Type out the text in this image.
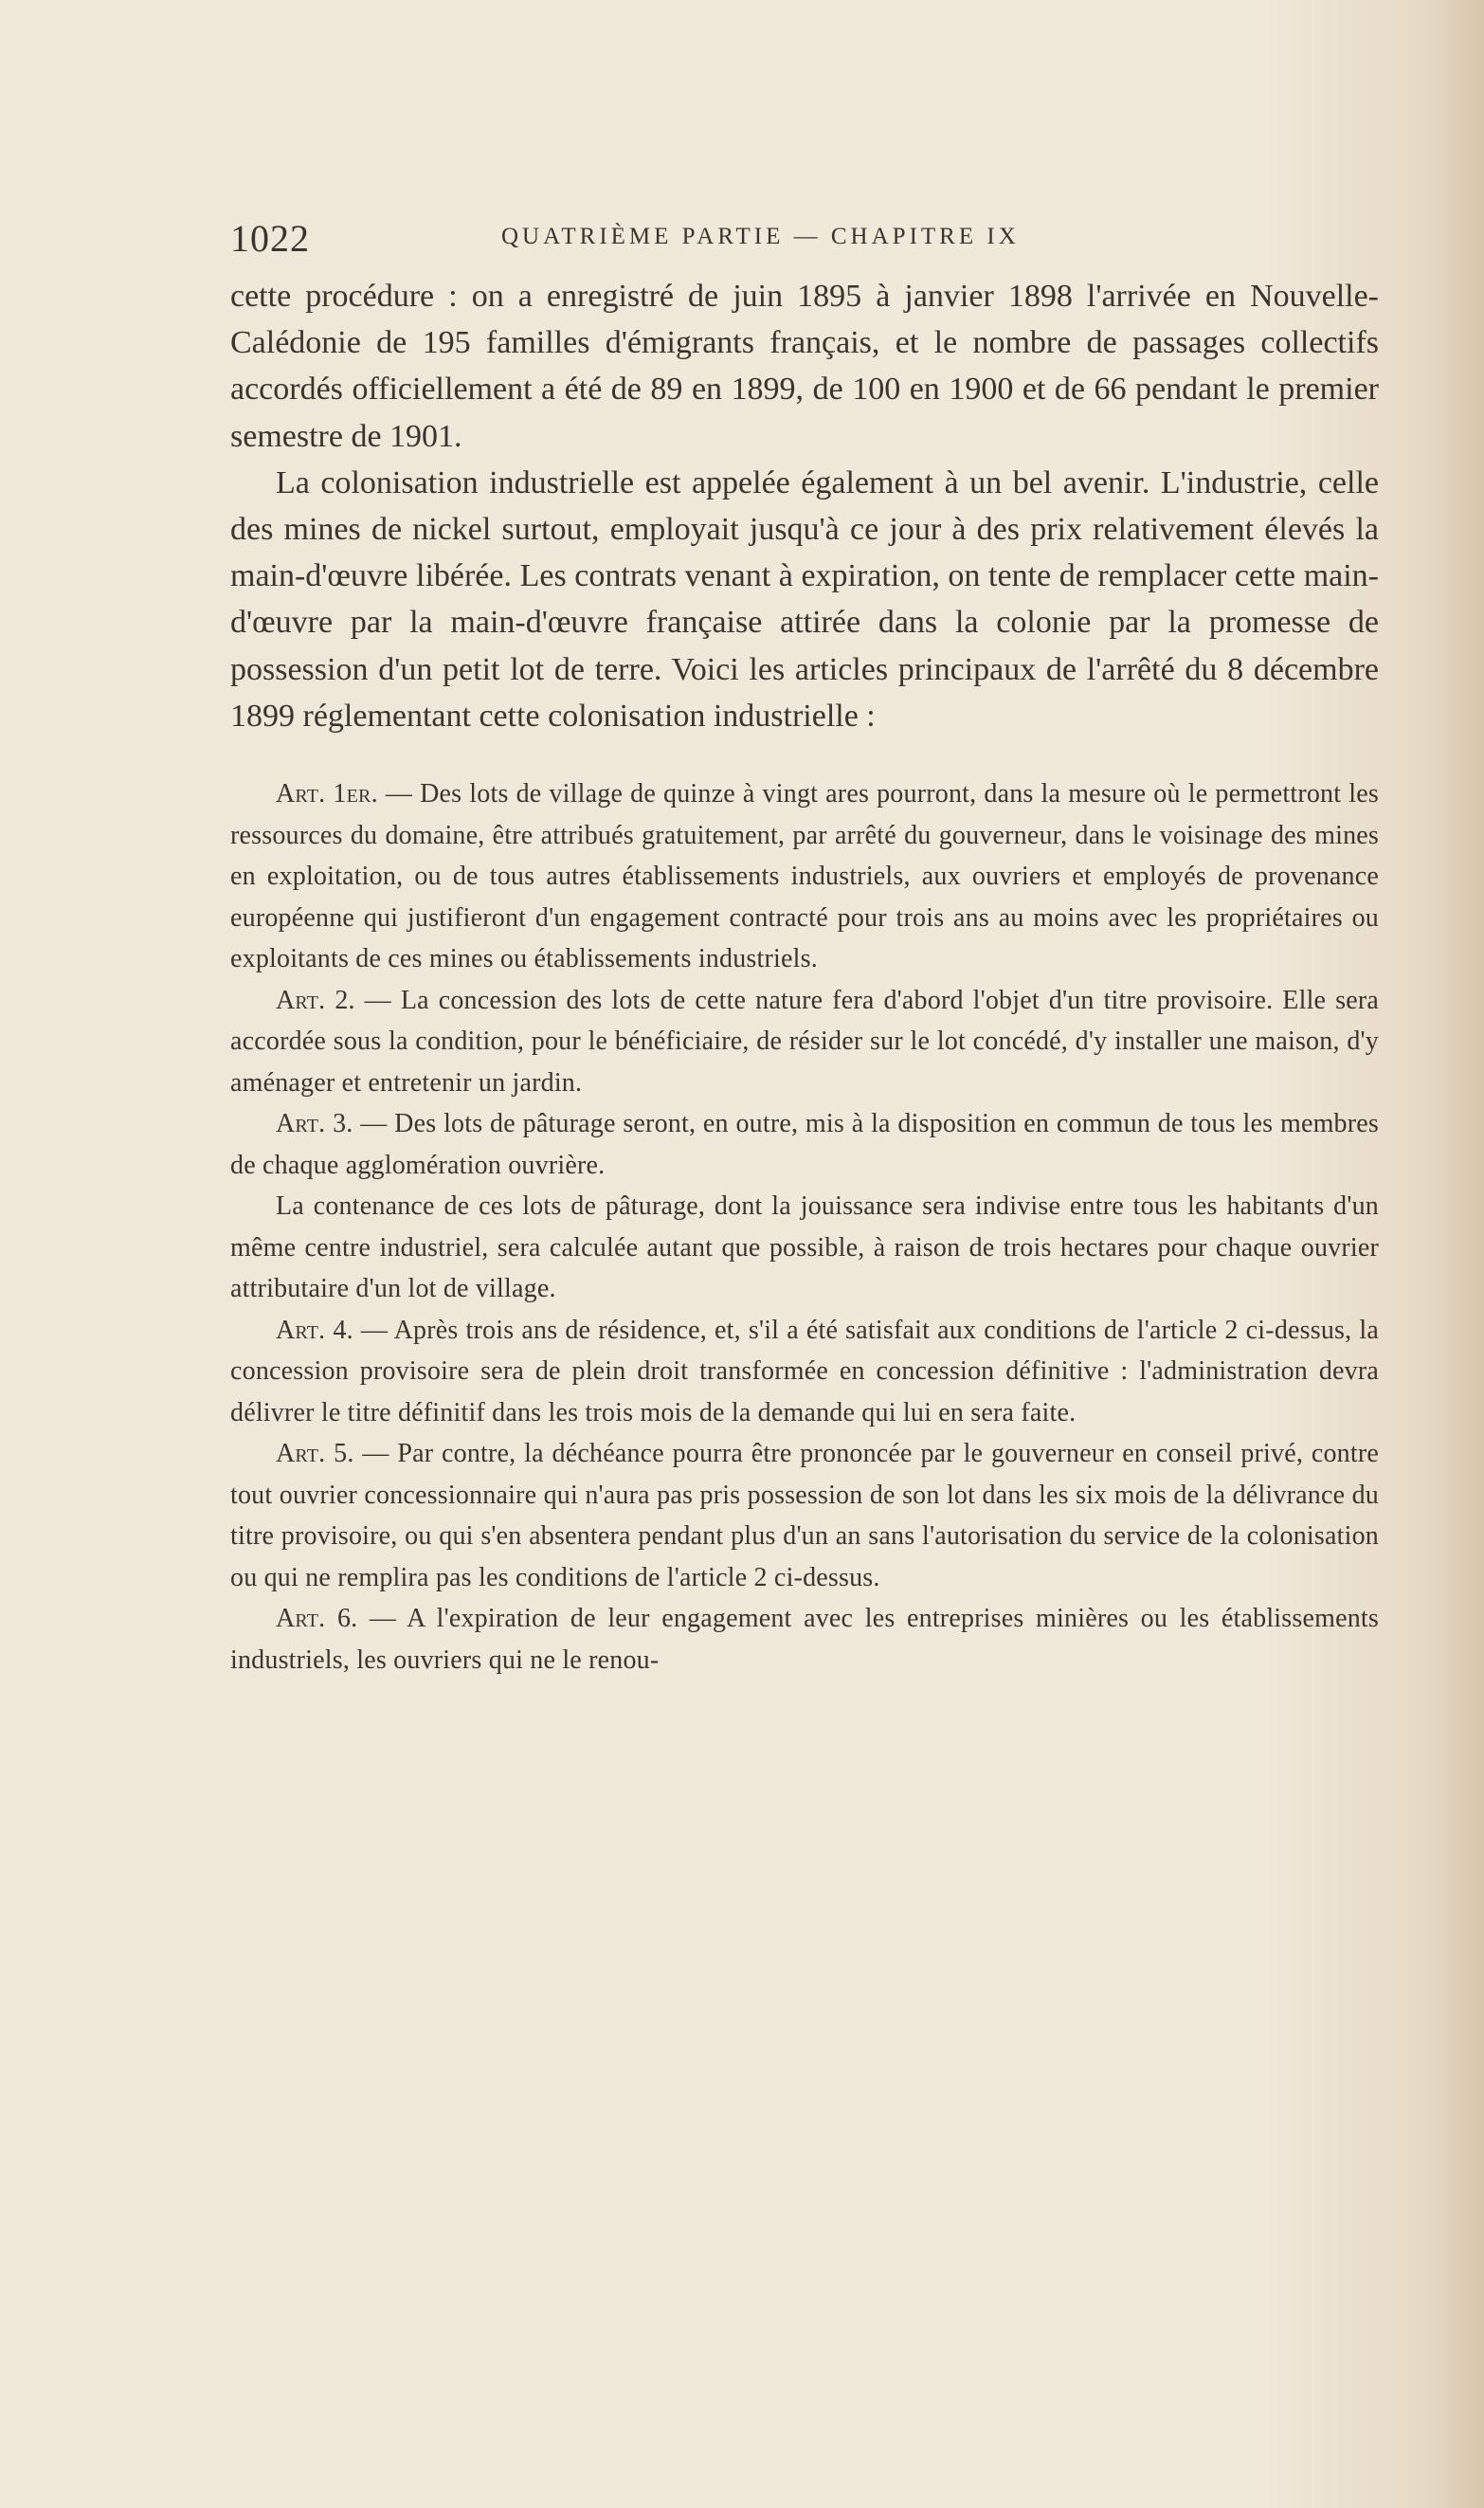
1022	QUATRIÈME PARTIE — CHAPITRE IX

cette procédure : on a enregistré de juin 1895 à janvier 1898 l'arrivée en Nouvelle-Calédonie de 195 familles d'émigrants français, et le nombre de passages collectifs accordés officiellement a été de 89 en 1899, de 100 en 1900 et de 66 pendant le premier semestre de 1901.

La colonisation industrielle est appelée également à un bel avenir. L'industrie, celle des mines de nickel surtout, employait jusqu'à ce jour à des prix relativement élevés la main-d'œuvre libérée. Les contrats venant à expiration, on tente de remplacer cette main-d'œuvre par la main-d'œuvre française attirée dans la colonie par la promesse de possession d'un petit lot de terre. Voici les articles principaux de l'arrêté du 8 décembre 1899 réglementant cette colonisation industrielle :

Art. 1er. — Des lots de village de quinze à vingt ares pourront, dans la mesure où le permettront les ressources du domaine, être attribués gratuitement, par arrêté du gouverneur, dans le voisinage des mines en exploitation, ou de tous autres établissements industriels, aux ouvriers et employés de provenance européenne qui justifieront d'un engagement contracté pour trois ans au moins avec les propriétaires ou exploitants de ces mines ou établissements industriels.

Art. 2. — La concession des lots de cette nature fera d'abord l'objet d'un titre provisoire. Elle sera accordée sous la condition, pour le bénéficiaire, de résider sur le lot concédé, d'y installer une maison, d'y aménager et entretenir un jardin.

Art. 3. — Des lots de pâturage seront, en outre, mis à la disposition en commun de tous les membres de chaque agglomération ouvrière.

La contenance de ces lots de pâturage, dont la jouissance sera indivise entre tous les habitants d'un même centre industriel, sera calculée autant que possible, à raison de trois hectares pour chaque ouvrier attributaire d'un lot de village.

Art. 4. — Après trois ans de résidence, et, s'il a été satisfait aux conditions de l'article 2 ci-dessus, la concession provisoire sera de plein droit transformée en concession définitive : l'administration devra délivrer le titre définitif dans les trois mois de la demande qui lui en sera faite.

Art. 5. — Par contre, la déchéance pourra être prononcée par le gouverneur en conseil privé, contre tout ouvrier concessionnaire qui n'aura pas pris possession de son lot dans les six mois de la délivrance du titre provisoire, ou qui s'en absentera pendant plus d'un an sans l'autorisation du service de la colonisation ou qui ne remplira pas les conditions de l'article 2 ci-dessus.

Art. 6. — A l'expiration de leur engagement avec les entreprises minières ou les établissements industriels, les ouvriers qui ne le renou-
